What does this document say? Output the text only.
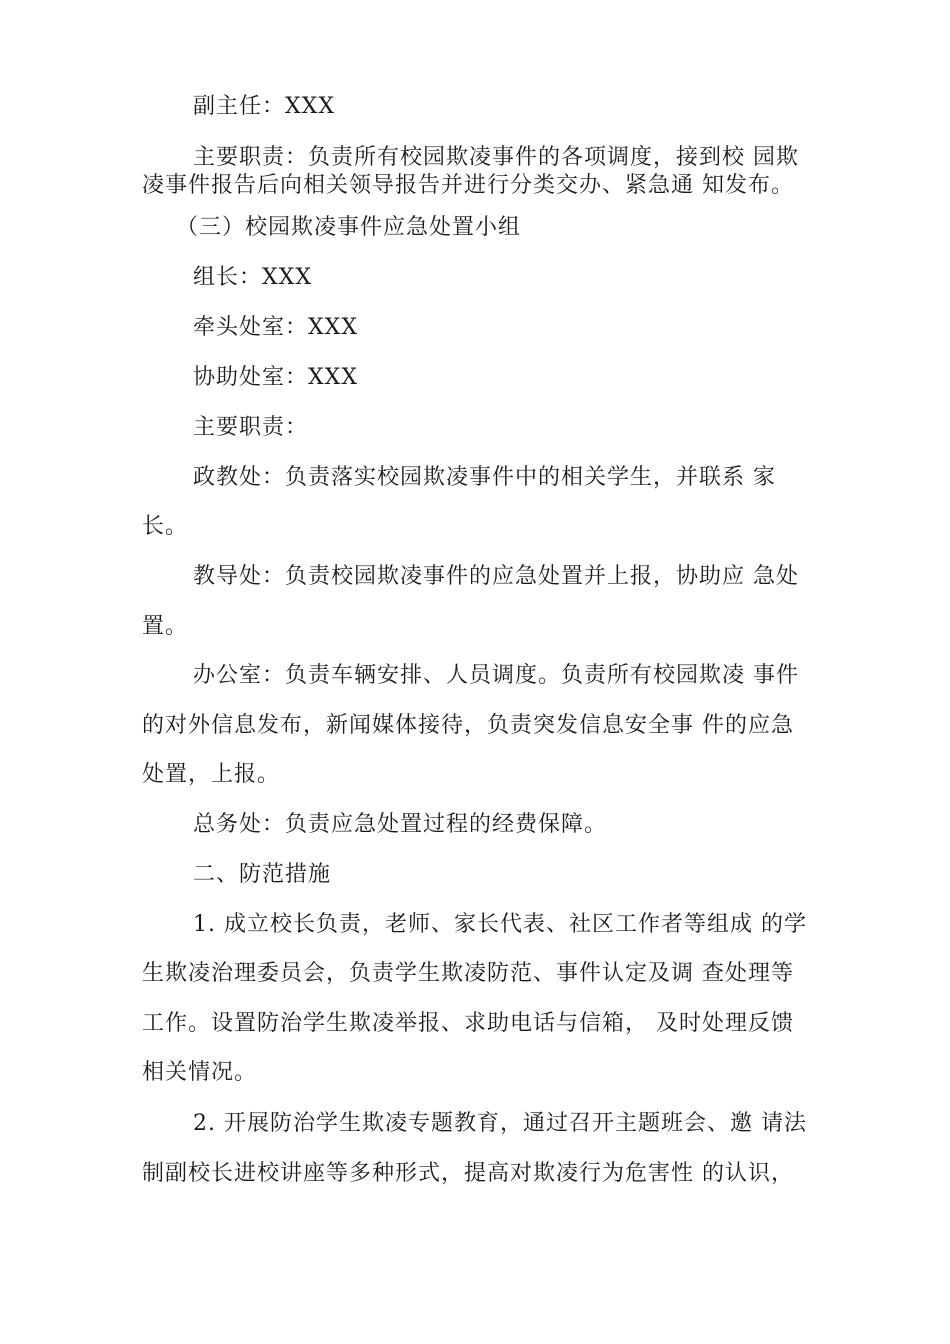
副主任：XXX
主要职责：负责所有校园欺凌事件的各项调度，接到校 园欺
凌事件报告后向相关领导报告并进行分类交办、紧急通 知发布。
（三）校园欺凌事件应急处置小组
组长：XXX
牵头处室：XXX
协助处室：XXX
主要职责：
政教处：负责落实校园欺凌事件中的相关学生，并联系 家
长。
教导处：负责校园欺凌事件的应急处置并上报，协助应 急处
置。
办公室：负责车辆安排、人员调度。负责所有校园欺凌 事件
的对外信息发布，新闻媒体接待，负责突发信息安全事 件的应急
处置，上报。
总务处：负责应急处置过程的经费保障。
二、防范措施
1. 成立校长负责，老师、家长代表、社区工作者等组成 的学
生欺凌治理委员会，负责学生欺凌防范、事件认定及调 查处理等
工作。设置防治学生欺凌举报、求助电话与信箱， 及时处理反馈
相关情况。
2. 开展防治学生欺凌专题教育，通过召开主题班会、邀 请法
制副校长进校讲座等多种形式，提高对欺凌行为危害性 的认识，
